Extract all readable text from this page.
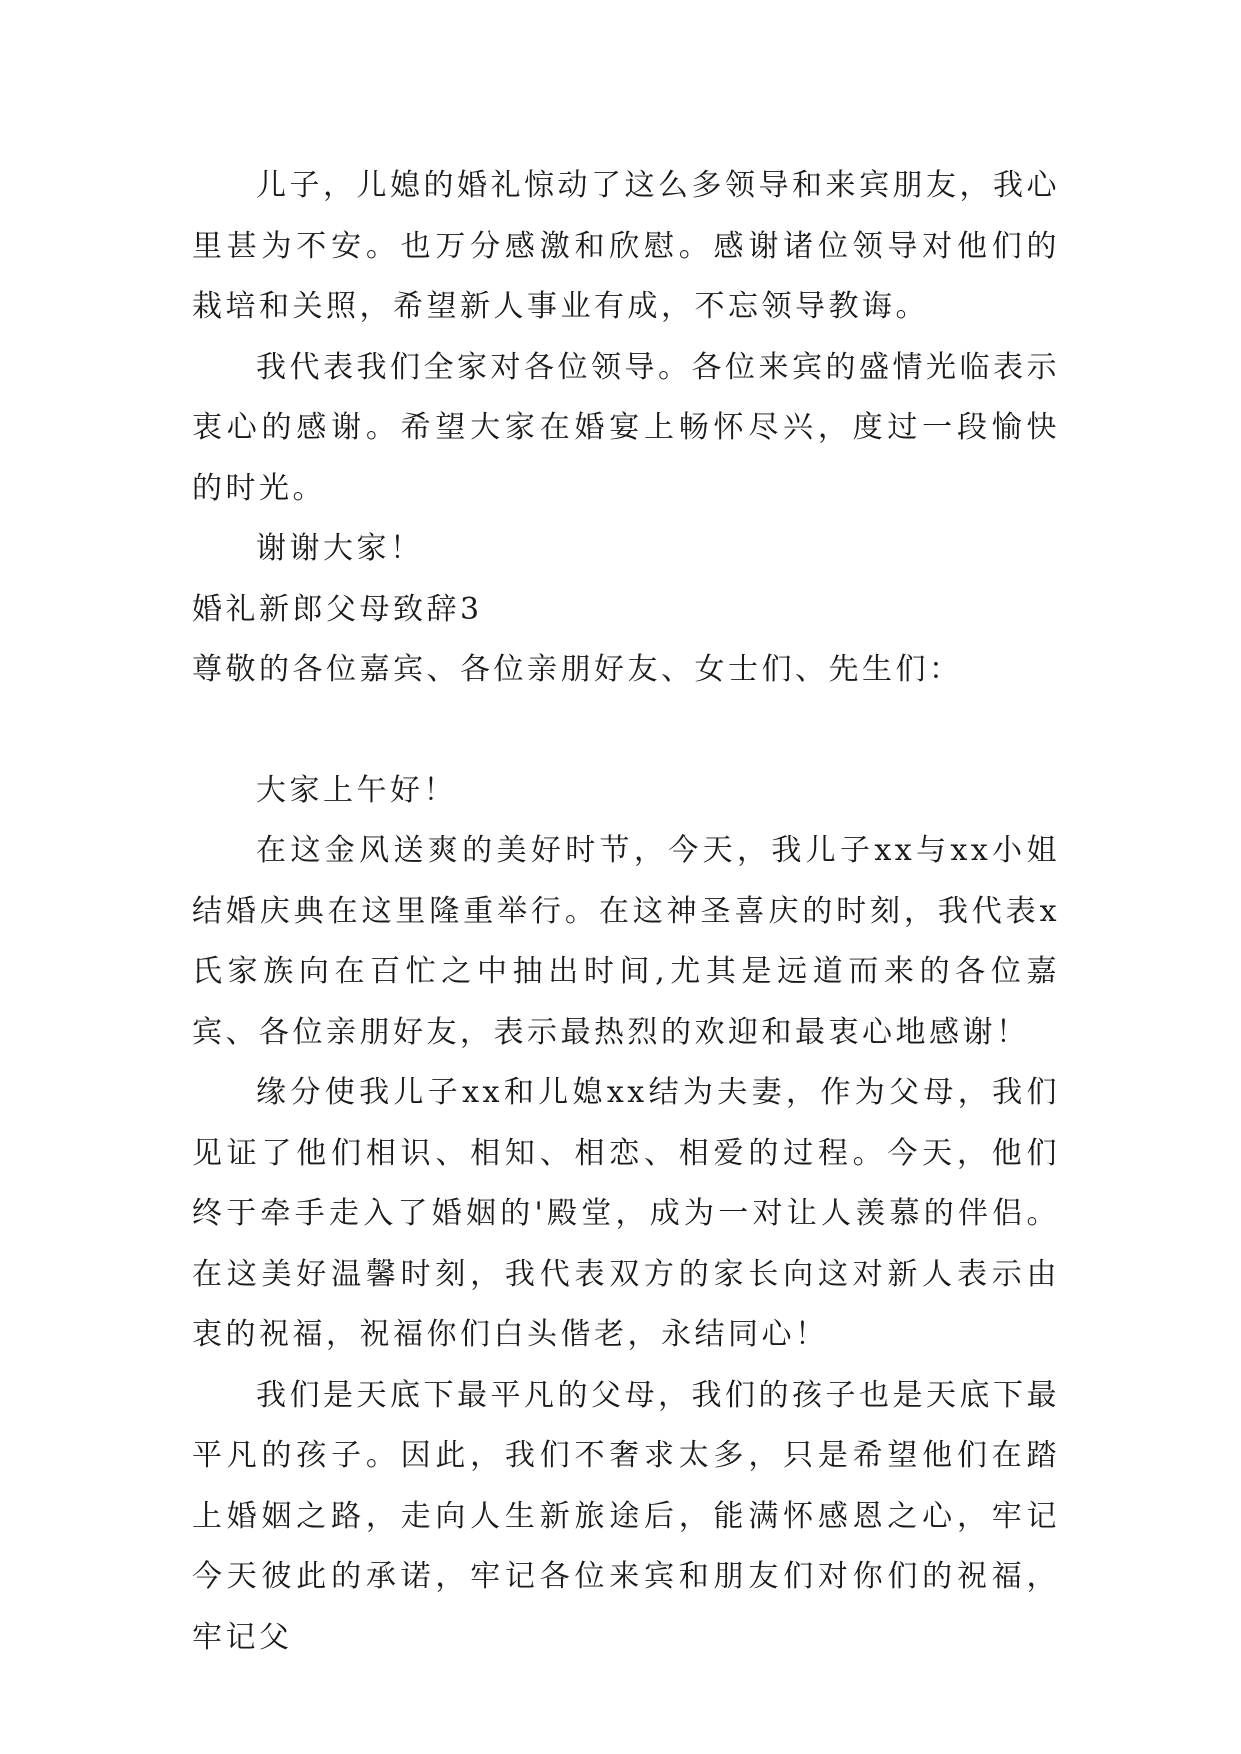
儿子，儿媳的婚礼惊动了这么多领导和来宾朋友，我心里甚为不安。也万分感激和欣慰。感谢诸位领导对他们的栽培和关照，希望新人事业有成，不忘领导教诲。

我代表我们全家对各位领导。各位来宾的盛情光临表示衷心的感谢。希望大家在婚宴上畅怀尽兴，度过一段愉快的时光。

谢谢大家！

婚礼新郎父母致辞3

尊敬的各位嘉宾、各位亲朋好友、女士们、先生们：

大家上午好！

在这金风送爽的美好时节，今天，我儿子xx与xx小姐结婚庆典在这里隆重举行。在这神圣喜庆的时刻，我代表x氏家族向在百忙之中抽出时间,尤其是远道而来的各位嘉宾、各位亲朋好友，表示最热烈的欢迎和最衷心地感谢！

缘分使我儿子xx和儿媳xx结为夫妻，作为父母，我们见证了他们相识、相知、相恋、相爱的过程。今天，他们终于牵手走入了婚姻的'殿堂，成为一对让人羡慕的伴侣。在这美好温馨时刻，我代表双方的家长向这对新人表示由衷的祝福，祝福你们白头偕老，永结同心！

我们是天底下最平凡的父母，我们的孩子也是天底下最平凡的孩子。因此，我们不奢求太多，只是希望他们在踏上婚姻之路，走向人生新旅途后，能满怀感恩之心，牢记今天彼此的承诺，牢记各位来宾和朋友们对你们的祝福，牢记父
